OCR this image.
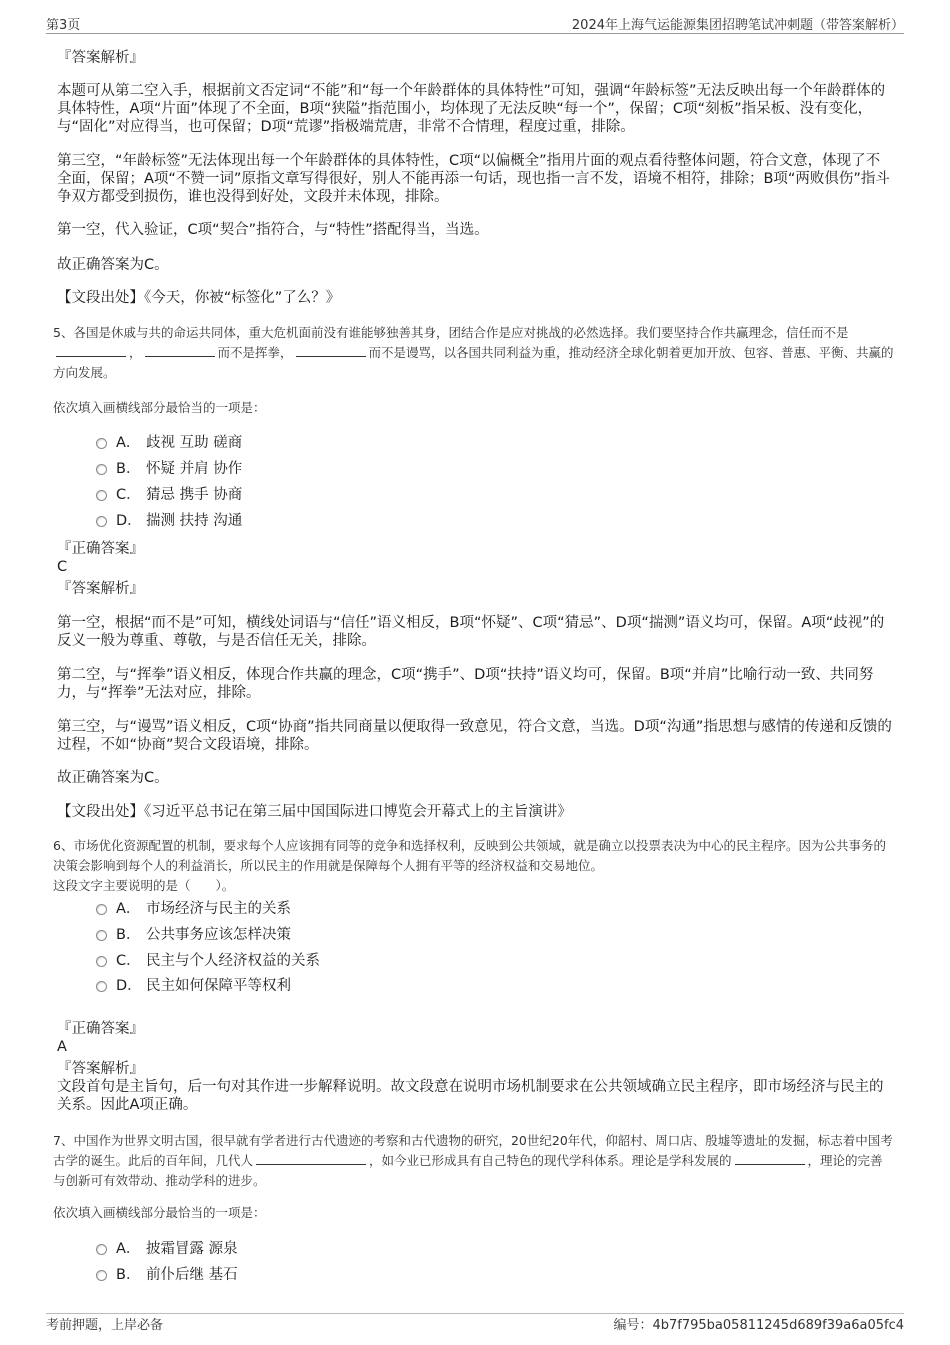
第3页	2024年上海气运能源集团招聘笔试冲刺题（带答案解析）
『答案解析』

本题可从第二空入手，根据前文否定词“不能”和“每一个年龄群体的具体特性”可知，强调“年龄标签”无法反映出每一个年龄群体的具体特性，A项“片面”体现了不全面，B项“狭隘”指范围小，均体现了无法反映“每一个”，保留；C项“刻板”指呆板、没有变化，与“固化”对应得当，也可保留；D项“荒谬”指极端荒唐，非常不合情理，程度过重，排除。

第三空，“年龄标签”无法体现出每一个年龄群体的具体特性，C项“以偏概全”指用片面的观点看待整体问题，符合文意，体现了不全面，保留；A项“不赞一词”原指文章写得很好，别人不能再添一句话，现也指一言不发，语境不相符，排除；B项“两败俱伤”指斗争双方都受到损伤，谁也没得到好处，文段并未体现，排除。

第一空，代入验证，C项“契合”指符合，与“特性”搭配得当，当选。

故正确答案为C。

【文段出处】《今天，你被“标签化”了么？》

5、各国是休戚与共的命运共同体，重大危机面前没有谁能够独善其身，团结合作是应对挑战的必然选择。我们要坚持合作共赢理念，信任而不是，	而不是挥拳，	而不是谩骂，以各国共同利益为重，推动经济全球化朝着更加开放、包容、普惠、平衡、共赢的方向发展。

依次填入画横线部分最恰当的一项是：

A． 歧视 互助 磋商
B． 怀疑 并肩 协作
C． 猜忌 携手 协商
D． 揣测 扶持 沟通
『正确答案』
C
『答案解析』

第一空，根据“而不是”可知，横线处词语与“信任”语义相反，B项“怀疑”、C项“猜忌”、D项“揣测”语义均可，保留。A项“歧视”的反义一般为尊重、尊敬，与是否信任无关，排除。

第二空，与“挥拳”语义相反，体现合作共赢的理念，C项“携手”、D项“扶持”语义均可，保留。B项“并肩”比喻行动一致、共同努力，与“挥拳”无法对应，排除。

第三空，与“谩骂”语义相反，C项“协商”指共同商量以便取得一致意见，符合文意，当选。D项“沟通”指思想与感情的传递和反馈的过程，不如“协商”契合文段语境，排除。

故正确答案为C。

【文段出处】《习近平总书记在第三届中国国际进口博览会开幕式上的主旨演讲》

6、市场优化资源配置的机制，要求每个人应该拥有同等的竞争和选择权利，反映到公共领域，就是确立以投票表决为中心的民主程序。因为公共事务的决策会影响到每个人的利益消长，所以民主的作用就是保障每个人拥有平等的经济权益和交易地位。

这段文字主要说明的是（　　）。

A． 市场经济与民主的关系
B． 公共事务应该怎样决策
C． 民主与个人经济权益的关系
D． 民主如何保障平等权利
『正确答案』
A
『答案解析』

文段首句是主旨句，后一句对其作进一步解释说明。故文段意在说明市场机制要求在公共领域确立民主程序，即市场经济与民主的关系。因此A项正确。

7、中国作为世界文明古国，很早就有学者进行古代遗迹的考察和古代遗物的研究，20世纪20年代，仰韶村、周口店、殷墟等遗址的发掘，标志着中国考古学的诞生。此后的百年间，几代人	，如今业已形成具有自己特色的现代学科体系。理论是学科发展的	，理论的完善与创新可有效带动、推动学科的进步。

依次填入画横线部分最恰当的一项是：

A． 披霜冒露 源泉
B． 前仆后继 基石
考前押题，上岸必备	编号：4b7f795ba05811245d689f39a6a05fc4
